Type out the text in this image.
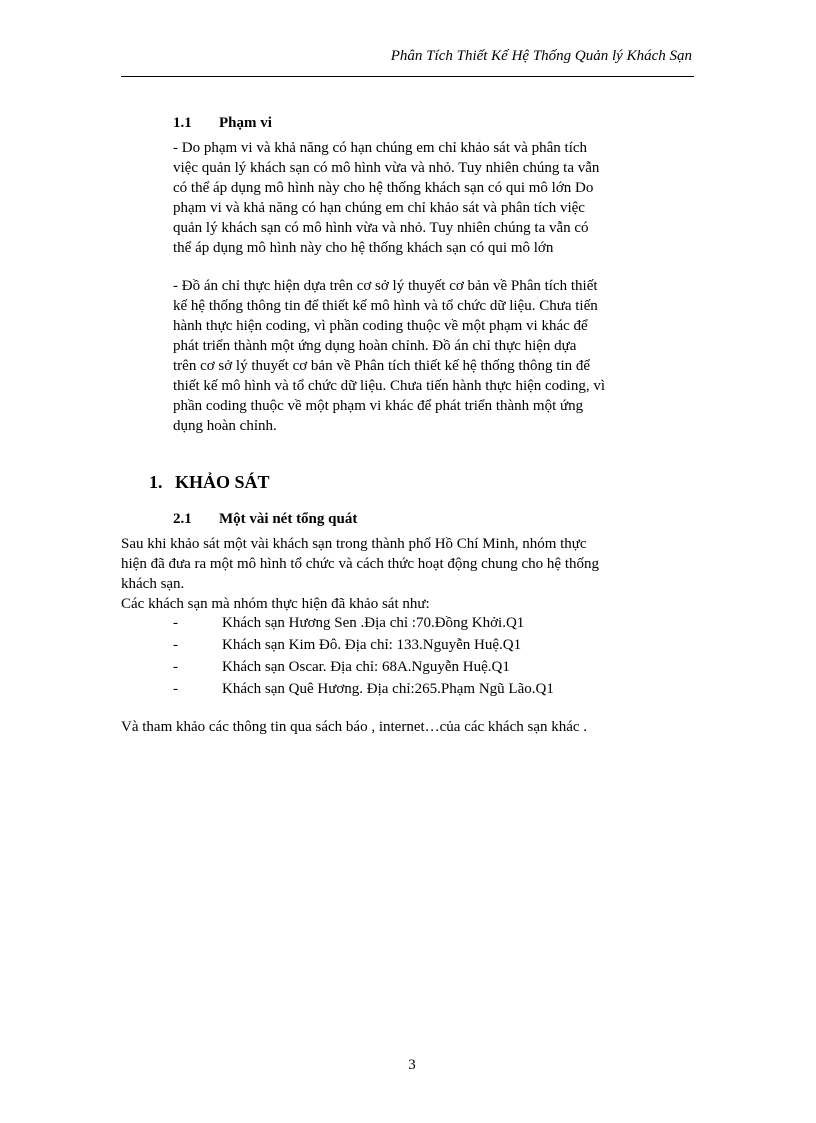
Phân Tích Thiết Kế Hệ Thống Quản lý Khách Sạn
1.1 Phạm vi
- Do phạm vi và khả năng có hạn chúng em chỉ khảo sát và phân tích
việc quản lý khách sạn có mô hình vừa và nhỏ. Tuy nhiên chúng ta vẫn
có thể áp dụng mô hình này cho hệ thống khách sạn có qui mô lớn Do
phạm vi và khả năng có hạn chúng em chỉ khảo sát và phân tích việc
quản lý khách sạn có mô hình vừa và nhỏ. Tuy nhiên chúng ta vẫn có
thể áp dụng mô hình này cho hệ thống khách sạn có qui mô lớn
- Đồ án chỉ thực hiện dựa trên cơ sở lý thuyết cơ bản về Phân tích thiết
kế hệ thống thông tin để thiết kế mô hình và tổ chức dữ liệu. Chưa tiến
hành thực hiện coding, vì phần coding thuộc về một phạm vi khác để
phát triển thành một ứng dụng hoàn chỉnh. Đồ án chỉ thực hiện dựa
trên cơ sở lý thuyết cơ bản về Phân tích thiết kế hệ thống thông tin để
thiết kế mô hình và tổ chức dữ liệu. Chưa tiến hành thực hiện coding, vì
phần coding thuộc về một phạm vi khác để phát triển thành một ứng
dụng hoàn chỉnh.
1. KHẢO SÁT
2.1 Một vài nét tổng quát
Sau khi khảo sát một vài khách sạn trong thành phố Hồ Chí Minh, nhóm thực
hiện đã đưa ra một mô hình tổ chức và cách thức hoạt động chung cho hệ thống
khách sạn.
Các khách sạn mà nhóm thực hiện đã khảo sát như:
-	Khách sạn Hương Sen .Địa chỉ :70.Đồng Khởi.Q1
-	Khách sạn Kim Đô. Địa chỉ: 133.Nguyễn Huệ.Q1
-	Khách sạn Oscar. Địa chỉ: 68A.Nguyễn Huệ.Q1
-	Khách sạn Quê Hương. Địa chỉ:265.Phạm Ngũ Lão.Q1
Và tham khảo các thông tin qua sách báo , internet…của các khách sạn khác .
3
